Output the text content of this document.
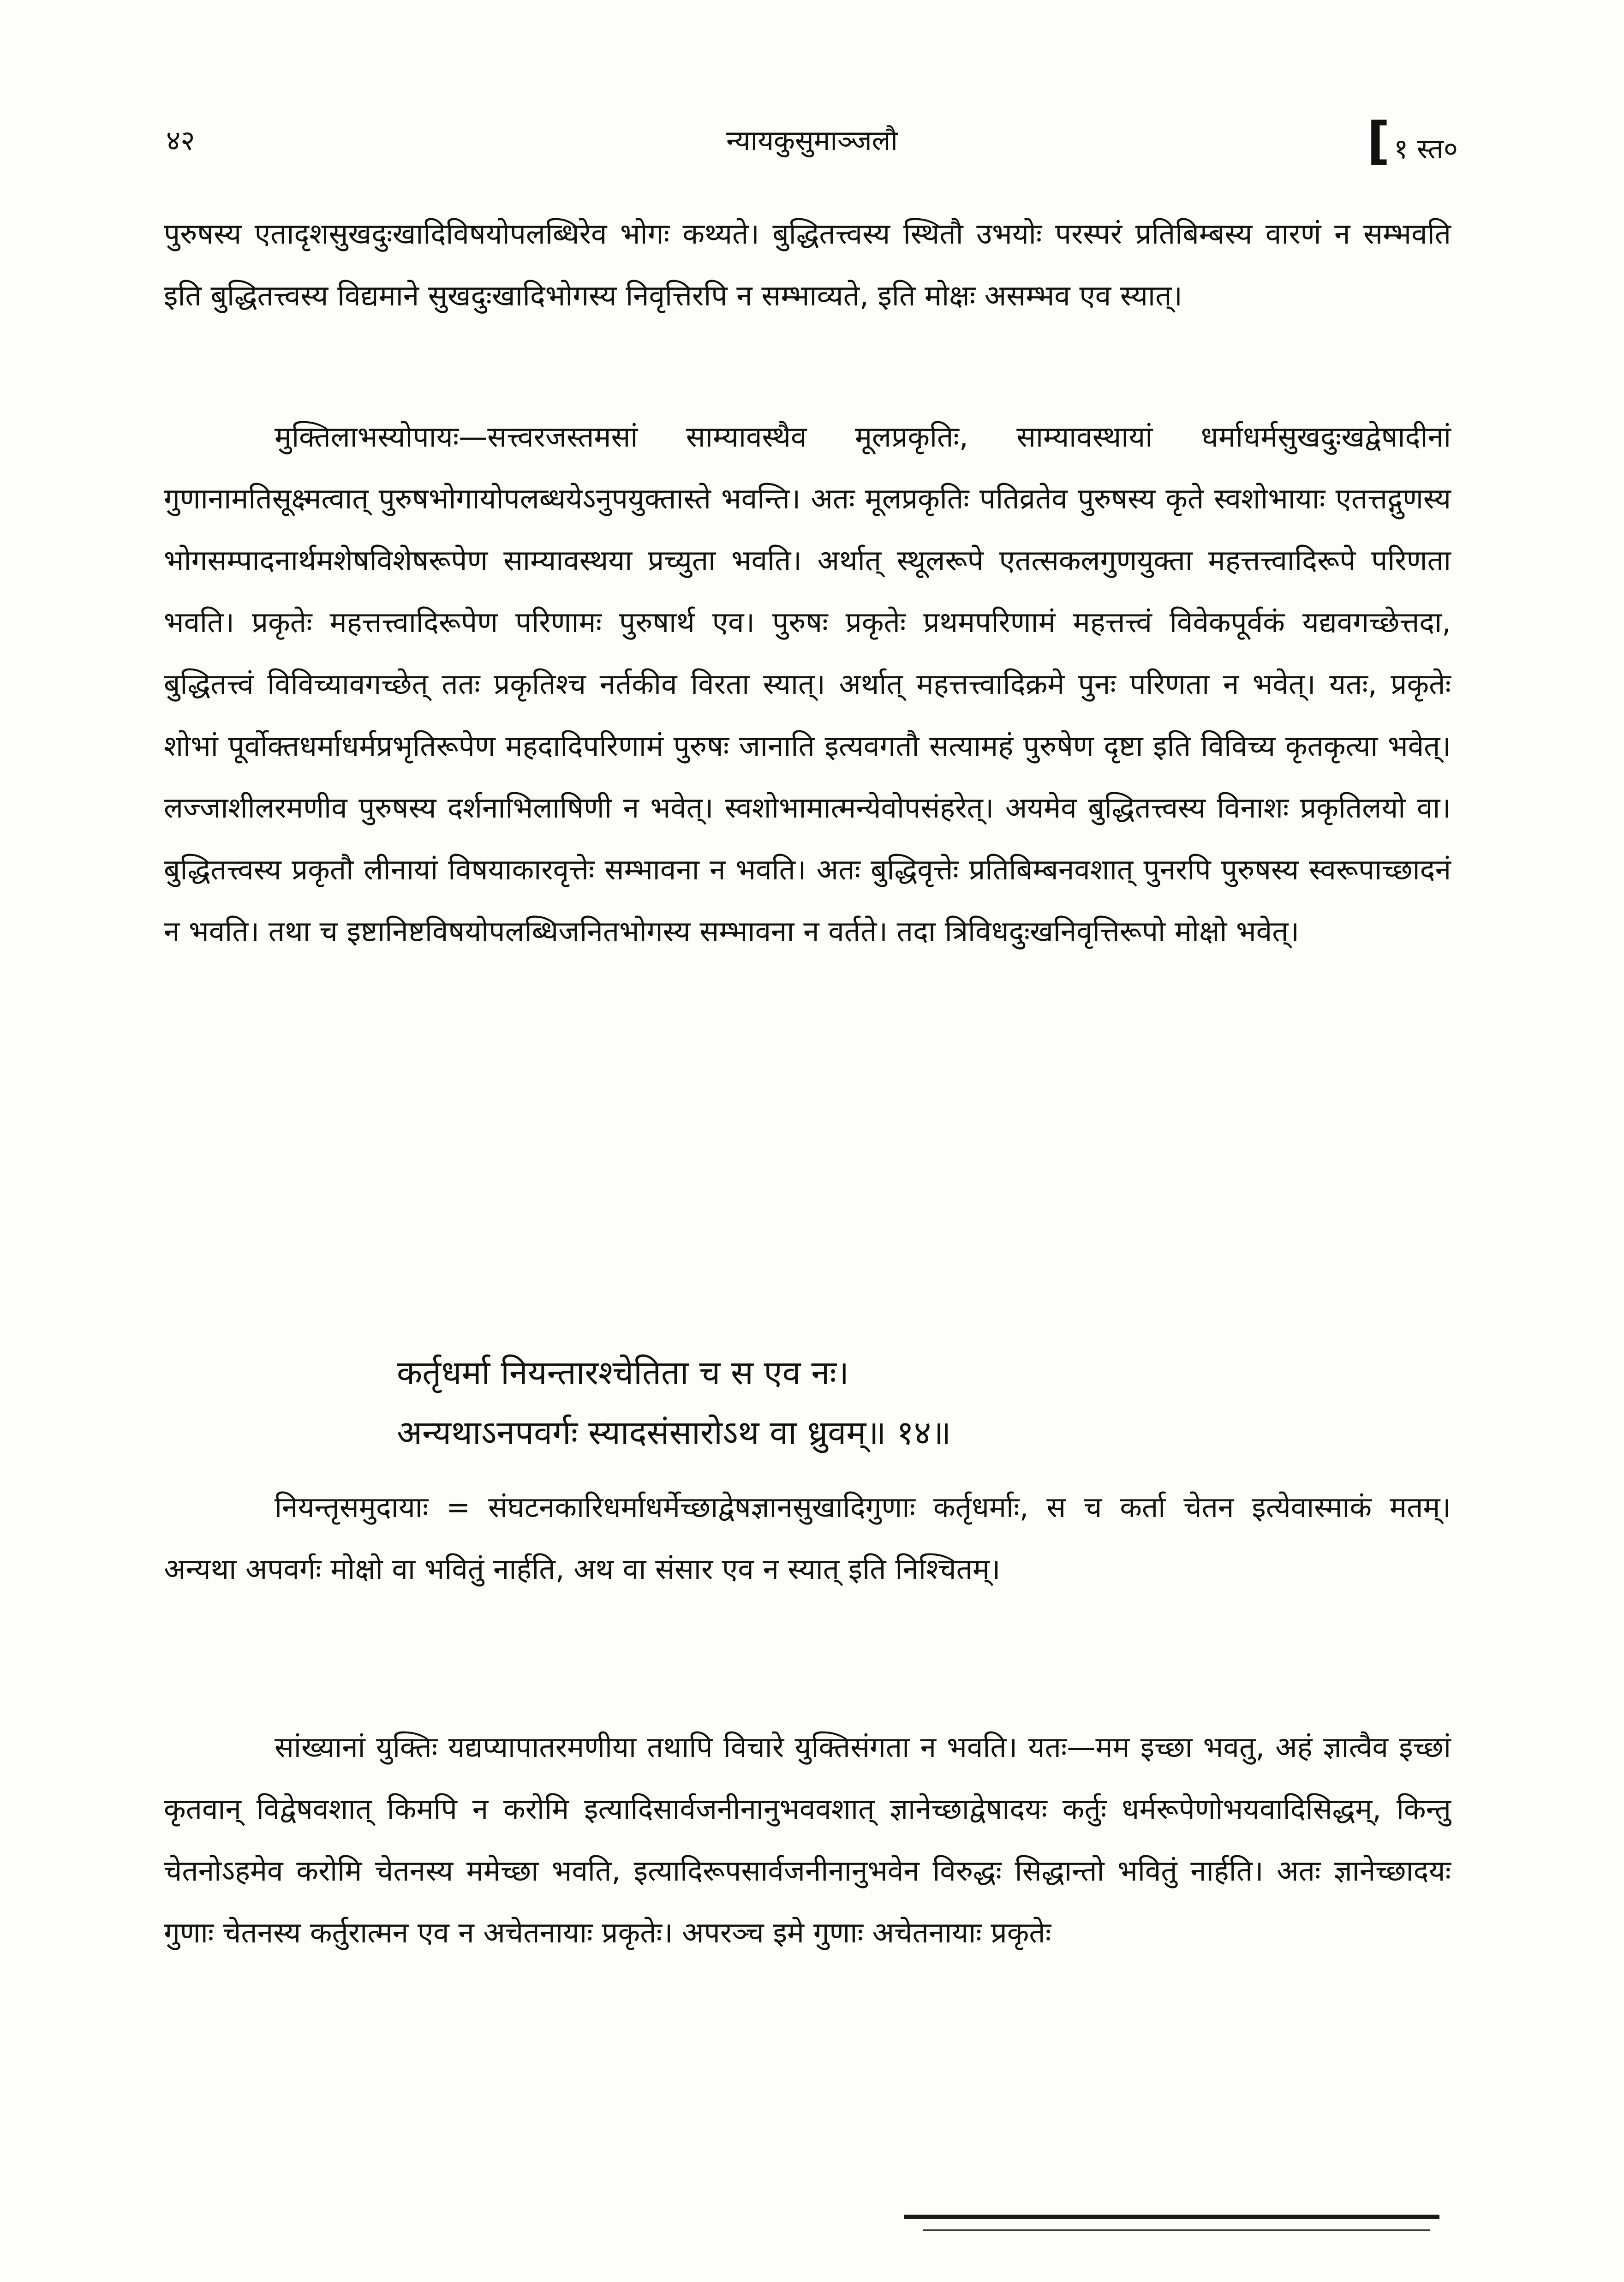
४२	न्यायकुसुमाञ्जलौ	[ १ स्त०

पुरुषस्य एतादृशसुखदुःखादिविषयोपलब्धिरेव भोगः कथ्यते। बुद्धितत्त्वस्य स्थितौ उभयोः परस्परं प्रतिबिम्बस्य वारणं न सम्भवति इति बुद्धितत्त्वस्य विद्यमाने सुखदुःखादिभोगस्य निवृत्तिरपि न सम्भाव्यते, इति मोक्षः असम्भव एव स्यात्।

मुक्तिलाभस्योपायः—सत्त्वरजस्तमसां साम्यावस्थैव मूलप्रकृतिः, साम्यावस्थायां धर्माधर्मसुखदुःखद्वेषादीनां गुणानामतिसूक्ष्मत्वात् पुरुषभोगायोपलब्धयेऽनुपयुक्तास्ते भवन्ति। अतः मूलप्रकृतिः पतिव्रतेव पुरुषस्य कृते स्वशोभायाः एतत्तद्गुणस्य भोगसम्पादनार्थमशेषविशेषरूपेण साम्यावस्थया प्रच्युता भवति। अर्थात् स्थूलरूपे एतत्सकलगुणयुक्ता महत्तत्त्वादिरूपे परिणता भवति। प्रकृतेः महत्तत्त्वादिरूपेण परिणामः पुरुषार्थ एव। पुरुषः प्रकृतेः प्रथमपरिणामं महत्तत्त्वं विवेकपूर्वकं यद्यवगच्छेत्तदा, बुद्धितत्त्वं विविच्यावगच्छेत् ततः प्रकृतिश्च नर्तकीव विरता स्यात्। अर्थात् महत्तत्त्वादिक्रमे पुनः परिणता न भवेत्। यतः, प्रकृतेः शोभां पूर्वोक्तधर्माधर्मप्रभृतिरूपेण महदादिपरिणामं पुरुषः जानाति इत्यवगतौ सत्यामहं पुरुषेण दृष्टा इति विविच्य कृतकृत्या भवेत्। लज्जाशीलरमणीव पुरुषस्य दर्शनाभिलाषिणी न भवेत्। स्वशोभामात्मन्येवोपसंहरेत्। अयमेव बुद्धितत्त्वस्य विनाशः प्रकृतिलयो वा। बुद्धितत्त्वस्य प्रकृतौ लीनायां विषयाकारवृत्तेः सम्भावना न भवति। अतः बुद्धिवृत्तेः प्रतिबिम्बनवशात् पुनरपि पुरुषस्य स्वरूपाच्छादनं न भवति। तथा च इष्टानिष्टविषयोपलब्धिजनितभोगस्य सम्भावना न वर्तते। तदा त्रिविधदुःखनिवृत्तिरूपो मोक्षो भवेत्।

कर्तृधर्मा नियन्तारश्चेतिता च स एव नः।

अन्यथाऽनपवर्गः स्यादसंसारोऽथ वा ध्रुवम्॥ १४॥

नियन्तृसमुदायाः = संघटनकारिधर्माधर्मेच्छाद्वेषज्ञानसुखादिगुणाः कर्तृधर्माः, स च कर्ता चेतन इत्येवास्माकं मतम्। अन्यथा अपवर्गः मोक्षो वा भवितुं नार्हति, अथ वा संसार एव न स्यात् इति निश्चितम्।

सांख्यानां युक्तिः यद्यप्यापातरमणीया तथापि विचारे युक्तिसंगता न भवति। यतः—मम इच्छा भवतु, अहं ज्ञात्वैव इच्छां कृतवान् विद्वेषवशात् किमपि न करोमि इत्यादिसार्वजनीनानुभववशात् ज्ञानेच्छाद्वेषादयः कर्तुः धर्मरूपेणोभयवादिसिद्धम्, किन्तु चेतनोऽहमेव करोमि चेतनस्य ममेच्छा भवति, इत्यादिरूपसार्वजनीनानुभवेन विरुद्धः सिद्धान्तो भवितुं नार्हति। अतः ज्ञानेच्छादयः गुणाः चेतनस्य कर्तुरात्मन एव न अचेतनायाः प्रकृतेः। अपरञ्च इमे गुणाः अचेतनायाः प्रकृतेः
